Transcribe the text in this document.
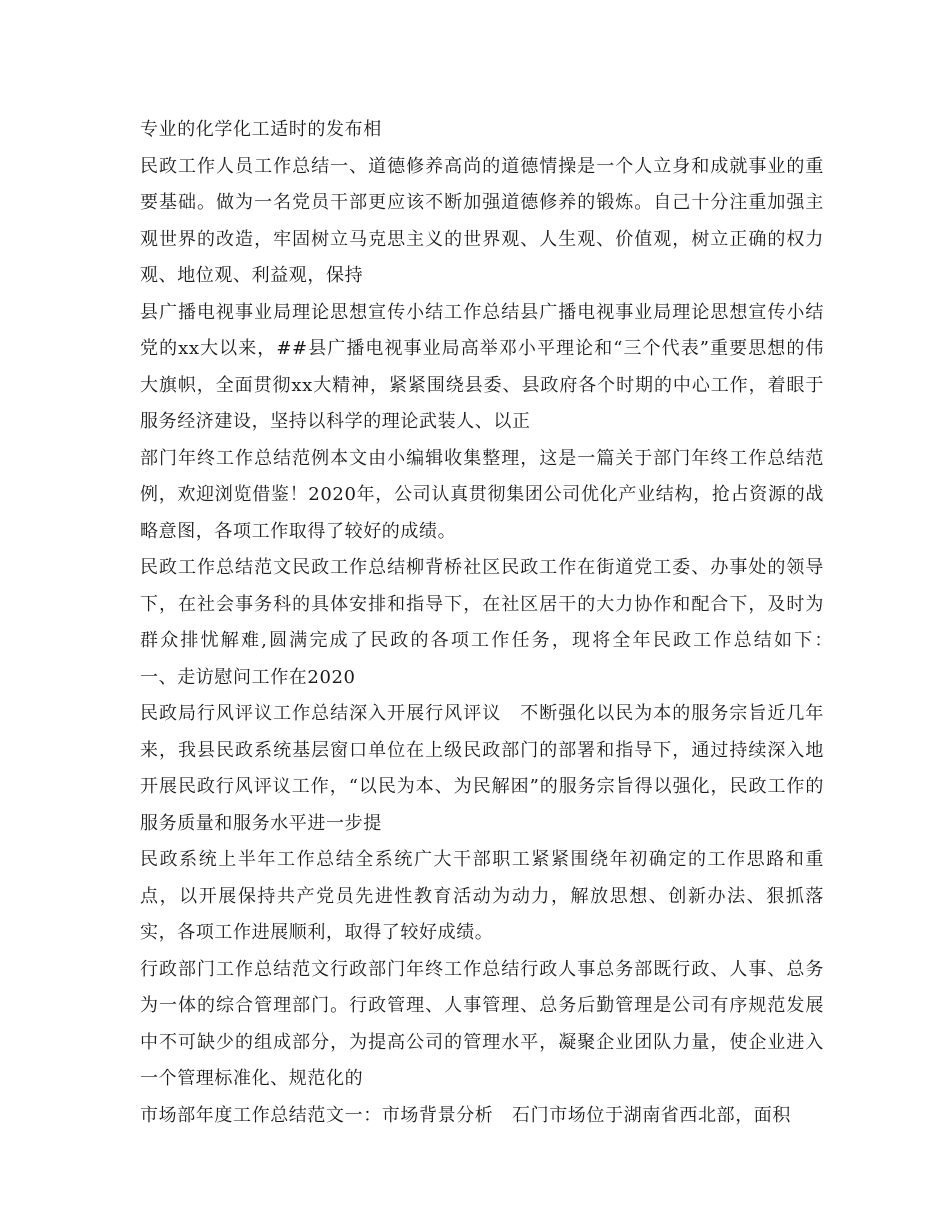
专业的化学化工适时的发布相

民政工作人员工作总结一、道德修养高尚的道德情操是一个人立身和成就事业的重要基础。做为一名党员干部更应该不断加强道德修养的锻炼。自己十分注重加强主观世界的改造，牢固树立马克思主义的世界观、人生观、价值观，树立正确的权力观、地位观、利益观，保持

县广播电视事业局理论思想宣传小结工作总结县广播电视事业局理论思想宣传小结党的xx大以来，##县广播电视事业局高举邓小平理论和“三个代表”重要思想的伟大旗帜，全面贯彻xx大精神，紧紧围绕县委、县政府各个时期的中心工作，着眼于服务经济建设，坚持以科学的理论武装人、以正

部门年终工作总结范例本文由小编辑收集整理，这是一篇关于部门年终工作总结范例，欢迎浏览借鉴！2020年，公司认真贯彻集团公司优化产业结构，抢占资源的战略意图，各项工作取得了较好的成绩。

民政工作总结范文民政工作总结柳背桥社区民政工作在街道党工委、办事处的领导下，在社会事务科的具体安排和指导下，在社区居干的大力协作和配合下，及时为群众排忧解难,圆满完成了民政的各项工作任务，现将全年民政工作总结如下：　一、走访慰问工作在2020

民政局行风评议工作总结深入开展行风评议　不断强化以民为本的服务宗旨近几年来，我县民政系统基层窗口单位在上级民政部门的部署和指导下，通过持续深入地开展民政行风评议工作，“以民为本、为民解困”的服务宗旨得以强化，民政工作的服务质量和服务水平进一步提

民政系统上半年工作总结全系统广大干部职工紧紧围绕年初确定的工作思路和重点，以开展保持共产党员先进性教育活动为动力，解放思想、创新办法、狠抓落实，各项工作进展顺利，取得了较好成绩。

行政部门工作总结范文行政部门年终工作总结行政人事总务部既行政、人事、总务为一体的综合管理部门。行政管理、人事管理、总务后勤管理是公司有序规范发展中不可缺少的组成部分，为提高公司的管理水平，凝聚企业团队力量，使企业进入一个管理标准化、规范化的

市场部年度工作总结范文一：市场背景分析　石门市场位于湖南省西北部，面积
